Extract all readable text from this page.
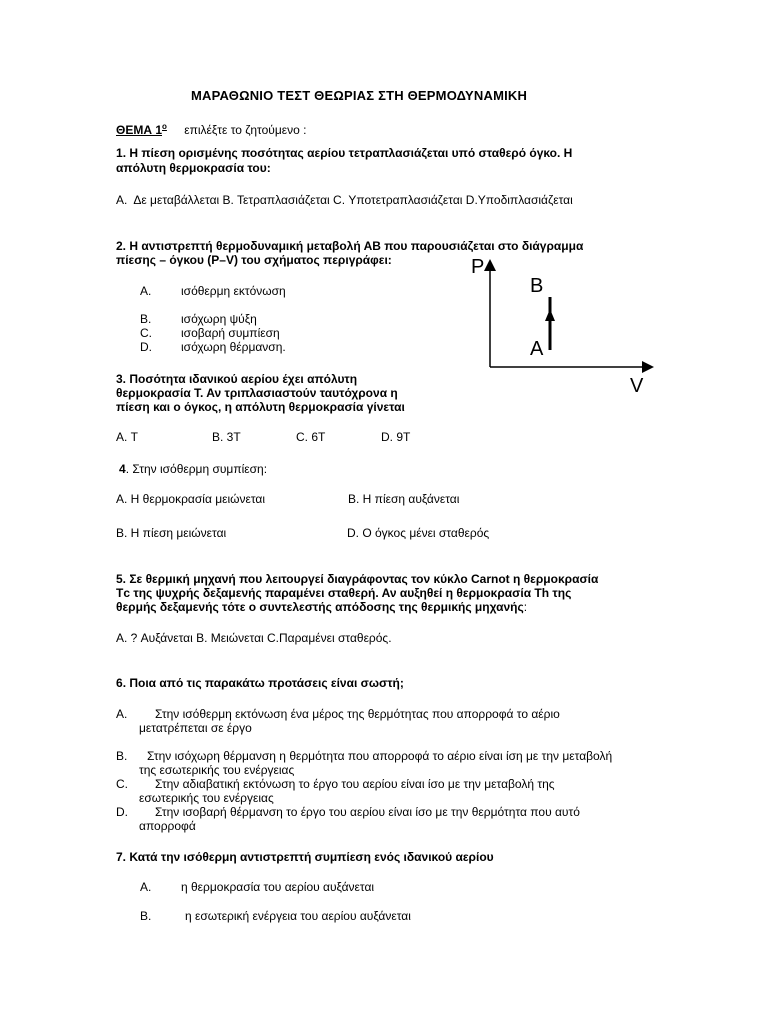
ΜΑΡΑΘΩΝΙΟ ΤΕΣΤ ΘΕΩΡΙΑΣ ΣΤΗ ΘΕΡΜΟΔΥΝΑΜΙΚΗ
ΘΕΜΑ $1^o$ επιλέξτε το ζητούμενο :
1. Η πίεση ορισμένης ποσότητας αερίου τετραπλασιάζεται υπό σταθερό όγκο. Η
απόλυτη θερμοκρασία του:
Α. Δε μεταβάλλεται Β. Τετραπλασιάζεται C. Υποτετραπλασιάζεται D.Υποδιπλασιάζεται
2. Η αντιστρεπτή θερμοδυναμική μεταβολή ΑΒ που παρουσιάζεται στο διάγραμμα
πίεσης – όγκου (P–V) του σχήματος περιγράφει:
A. ισόθερμη εκτόνωση
B. ισόχωρη ψύξη
C. ισοβαρή συμπίεση
D. ισόχωρη θέρμανση.
P
V
B
A
3. Ποσότητα ιδανικού αερίου έχει απόλυτη
θερμοκρασία Τ. Αν τριπλασιαστούν ταυτόχρονα η
πίεση και ο όγκος, η απόλυτη θερμοκρασία γίνεται
A. Τ	B. 3T	C. 6T	D. 9T
4. Στην ισόθερμη συμπίεση:
A. Η θερμοκρασία μειώνεται	B. Η πίεση αυξάνεται
B. Η πίεση μειώνεται	D. Ο όγκος μένει σταθερός
5. Σε θερμική μηχανή που λειτουργεί διαγράφοντας τον κύκλο Carnot η θερμοκρασία
Τc της ψυχρής δεξαμενής παραμένει σταθερή. Αν αυξηθεί η θερμοκρασία Th της
θερμής δεξαμενής τότε ο συντελεστής απόδοσης της θερμικής μηχανής:
A. ? Αυξάνεται B. Μειώνεται C.Παραμένει σταθερός.
6. Ποια από τις παρακάτω προτάσεις είναι σωστή;
A. Στην ισόθερμη εκτόνωση ένα μέρος της θερμότητας που απορροφά το αέριο
μετατρέπεται σε έργο
B. Στην ισόχωρη θέρμανση η θερμότητα που απορροφά το αέριο είναι ίση με την μεταβολή
της εσωτερικής του ενέργειας
C. Στην αδιαβατική εκτόνωση το έργο του αερίου είναι ίσο με την μεταβολή της
εσωτερικής του ενέργειας
D. Στην ισοβαρή θέρμανση το έργο του αερίου είναι ίσο με την θερμότητα που αυτό
απορροφά
7. Κατά την ισόθερμη αντιστρεπτή συμπίεση ενός ιδανικού αερίου
A. η θερμοκρασία του αερίου αυξάνεται
B.	η εσωτερική ενέργεια του αερίου αυξάνεται
